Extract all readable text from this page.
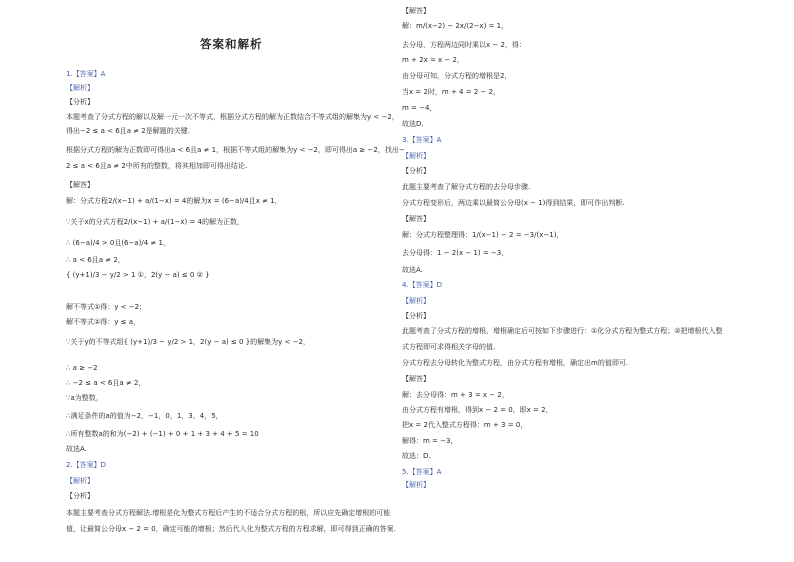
答案和解析
1.【答案】A
【解析】
【分析】
本题考查了分式方程的解以及解一元一次不等式，根据分式方程的解为正数结合不等式组的解集为y < −2，
得出−2 ≤ a < 6且a ≠ 2是解题的关键.
根据分式方程的解为正数即可得出a < 6且a ≠ 1，根据不等式组的解集为y < −2，即可得出a ≥ −2，找出−
2 ≤ a < 6且a ≠ 2中所有的整数，将其相加即可得出结论.
【解答】
解：分式方程2/(x−1) + a/(1−x) = 4的解为x = (6−a)/4且x ≠ 1，
∵关于x的分式方程2/(x−1) + a/(1−x) = 4的解为正数，
∴ (6−a)/4 > 0且(6−a)/4 ≠ 1，
∴ a < 6且a ≠ 2，
{ (y+1)/3 − y/2 > 1 ①，2(y − a) ≤ 0 ② }
解不等式①得：y < −2；
解不等式②得：y ≤ a，
∵关于y的不等式组{ (y+1)/3 − y/2 > 1，2(y − a) ≤ 0 }的解集为y < −2，
∴ a ≥ −2
∴ −2 ≤ a < 6且a ≠ 2，
∵a为整数，
∴满足条件的a的值为−2，−1，0，1，3，4，5，
∴所有整数a的和为(−2) + (−1) + 0 + 1 + 3 + 4 + 5 = 10
故选A.
2.【答案】D
【解析】
【分析】
本题主要考查分式方程解法.增根是化为整式方程后产生的不适合分式方程的根，所以应先确定增根的可能
值，让最简公分母x − 2 = 0，确定可能的增根；然后代入化为整式方程的方程求解，即可得到正确的答案.
【解答】
解：m/(x−2) − 2x/(2−x) = 1，
去分母，方程两边同时乘以x − 2，得：
m + 2x = x − 2，
由分母可知，分式方程的增根是2，
当x = 2时，m + 4 = 2 − 2，
m = −4，
故选D.
3.【答案】A
【解析】
【分析】
此题主要考查了解分式方程的去分母步骤.
分式方程变形后，两边乘以最简公分母(x − 1)得到结果，即可作出判断.
【解答】
解：分式方程整理得：1/(x−1) − 2 = −3/(x−1)，
去分母得：1 − 2(x − 1) = −3，
故选A.
4.【答案】D
【解析】
【分析】
此题考查了分式方程的增根，增根确定后可按如下步骤进行：①化分式方程为整式方程；②把增根代入整
式方程即可求得相关字母的值.
分式方程去分母转化为整式方程，由分式方程有增根，确定出m的值即可.
【解答】
解：去分母得：m + 3 = x − 2，
由分式方程有增根，得到x − 2 = 0，即x = 2，
把x = 2代入整式方程得：m + 3 = 0，
解得：m = −3，
故选：D.
5.【答案】A
【解析】
